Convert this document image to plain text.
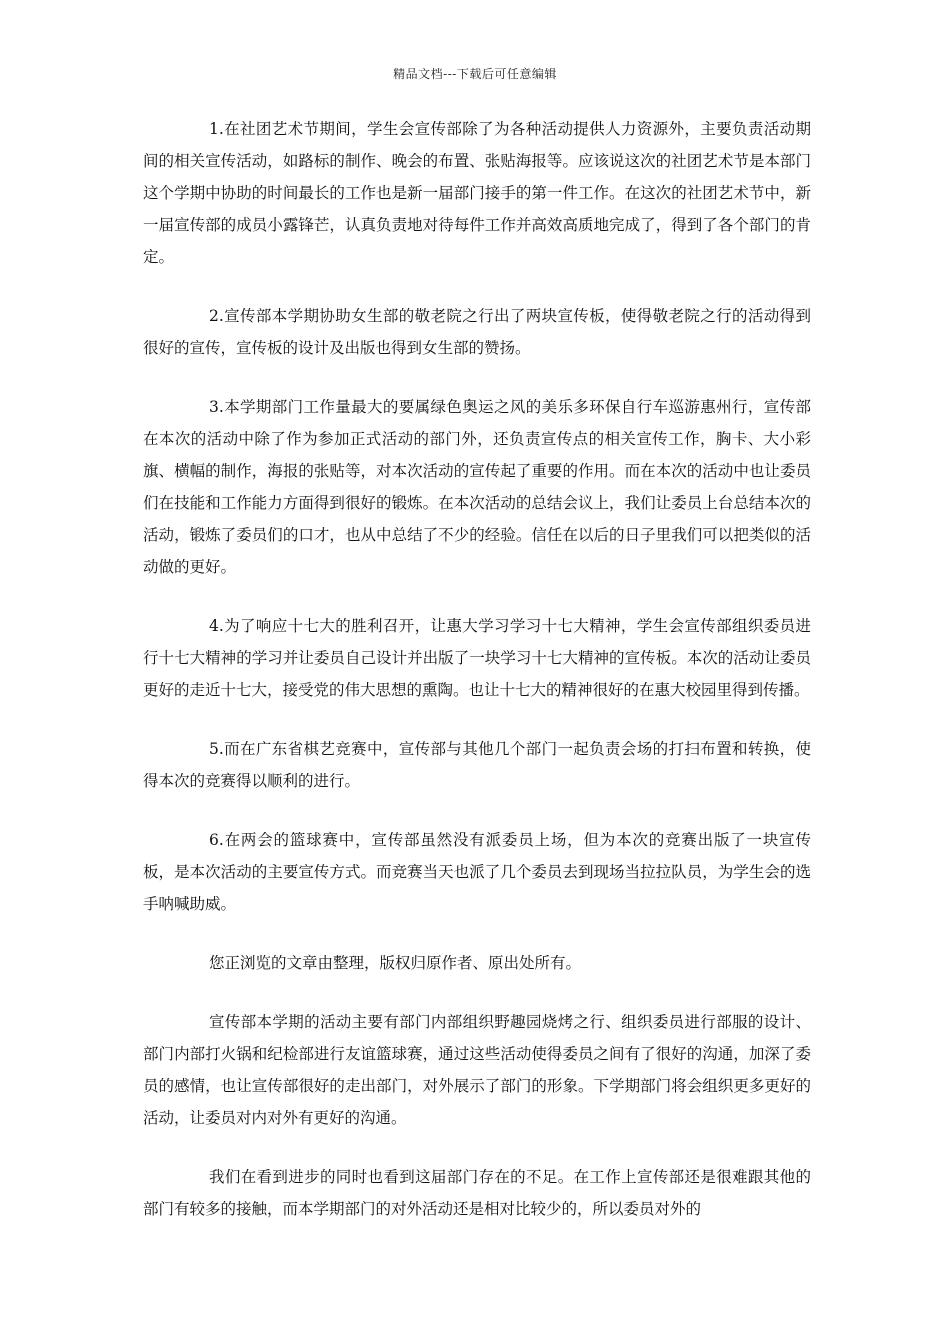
精品文档---下载后可任意编辑

1.在社团艺术节期间，学生会宣传部除了为各种活动提供人力资源外，主要负责活动期间的相关宣传活动，如路标的制作、晚会的布置、张贴海报等。应该说这次的社团艺术节是本部门这个学期中协助的时间最长的工作也是新一届部门接手的第一件工作。在这次的社团艺术节中，新一届宣传部的成员小露锋芒，认真负责地对待每件工作并高效高质地完成了，得到了各个部门的肯定。

2.宣传部本学期协助女生部的敬老院之行出了两块宣传板，使得敬老院之行的活动得到很好的宣传，宣传板的设计及出版也得到女生部的赞扬。

3.本学期部门工作量最大的要属绿色奥运之风的美乐多环保自行车巡游惠州行，宣传部在本次的活动中除了作为参加正式活动的部门外，还负责宣传点的相关宣传工作，胸卡、大小彩旗、横幅的制作，海报的张贴等，对本次活动的宣传起了重要的作用。而在本次的活动中也让委员们在技能和工作能力方面得到很好的锻炼。在本次活动的总结会议上，我们让委员上台总结本次的活动，锻炼了委员们的口才，也从中总结了不少的经验。信任在以后的日子里我们可以把类似的活动做的更好。

4.为了响应十七大的胜利召开，让惠大学习学习十七大精神，学生会宣传部组织委员进行十七大精神的学习并让委员自己设计并出版了一块学习十七大精神的宣传板。本次的活动让委员更好的走近十七大，接受党的伟大思想的熏陶。也让十七大的精神很好的在惠大校园里得到传播。

5.而在广东省棋艺竞赛中，宣传部与其他几个部门一起负责会场的打扫布置和转换，使得本次的竞赛得以顺利的进行。

6.在两会的篮球赛中，宣传部虽然没有派委员上场，但为本次的竞赛出版了一块宣传板，是本次活动的主要宣传方式。而竞赛当天也派了几个委员去到现场当拉拉队员，为学生会的选手呐喊助威。

您正浏览的文章由整理，版权归原作者、原出处所有。

宣传部本学期的活动主要有部门内部组织野趣园烧烤之行、组织委员进行部服的设计、部门内部打火锅和纪检部进行友谊篮球赛，通过这些活动使得委员之间有了很好的沟通，加深了委员的感情，也让宣传部很好的走出部门，对外展示了部门的形象。下学期部门将会组织更多更好的活动，让委员对内对外有更好的沟通。

我们在看到进步的同时也看到这届部门存在的不足。在工作上宣传部还是很难跟其他的部门有较多的接触，而本学期部门的对外活动还是相对比较少的，所以委员对外的
